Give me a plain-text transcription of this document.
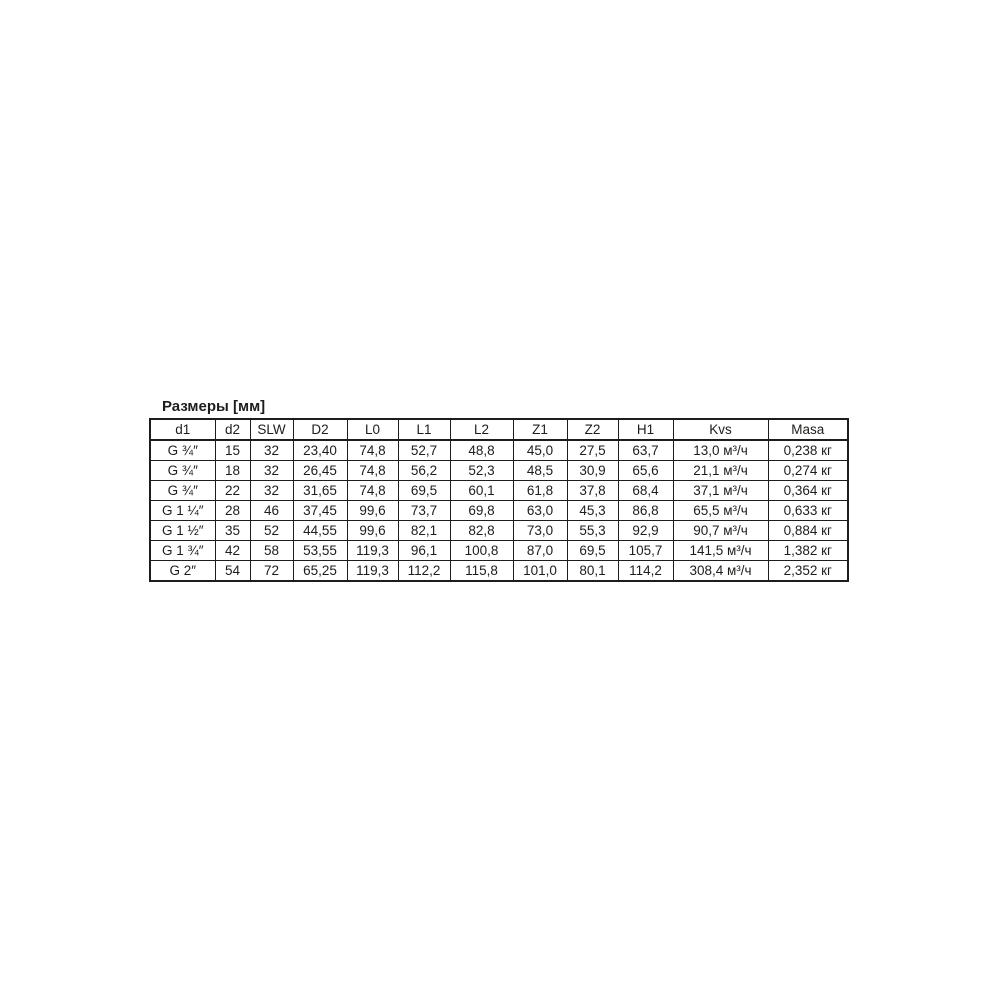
Размеры [мм]
d1	d2	SLW	D2	L0	L1	L2	Z1	Z2	H1	Kvs	Masa
G ¾″	15	32	23,40	74,8	52,7	48,8	45,0	27,5	63,7	13,0 м³/ч	0,238 кг
G ¾″	18	32	26,45	74,8	56,2	52,3	48,5	30,9	65,6	21,1 м³/ч	0,274 кг
G ¾″	22	32	31,65	74,8	69,5	60,1	61,8	37,8	68,4	37,1 м³/ч	0,364 кг
G 1 ¼″	28	46	37,45	99,6	73,7	69,8	63,0	45,3	86,8	65,5 м³/ч	0,633 кг
G 1 ½″	35	52	44,55	99,6	82,1	82,8	73,0	55,3	92,9	90,7 м³/ч	0,884 кг
G 1 ¾″	42	58	53,55	119,3	96,1	100,8	87,0	69,5	105,7	141,5 м³/ч	1,382 кг
G 2″	54	72	65,25	119,3	112,2	115,8	101,0	80,1	114,2	308,4 м³/ч	2,352 кг
